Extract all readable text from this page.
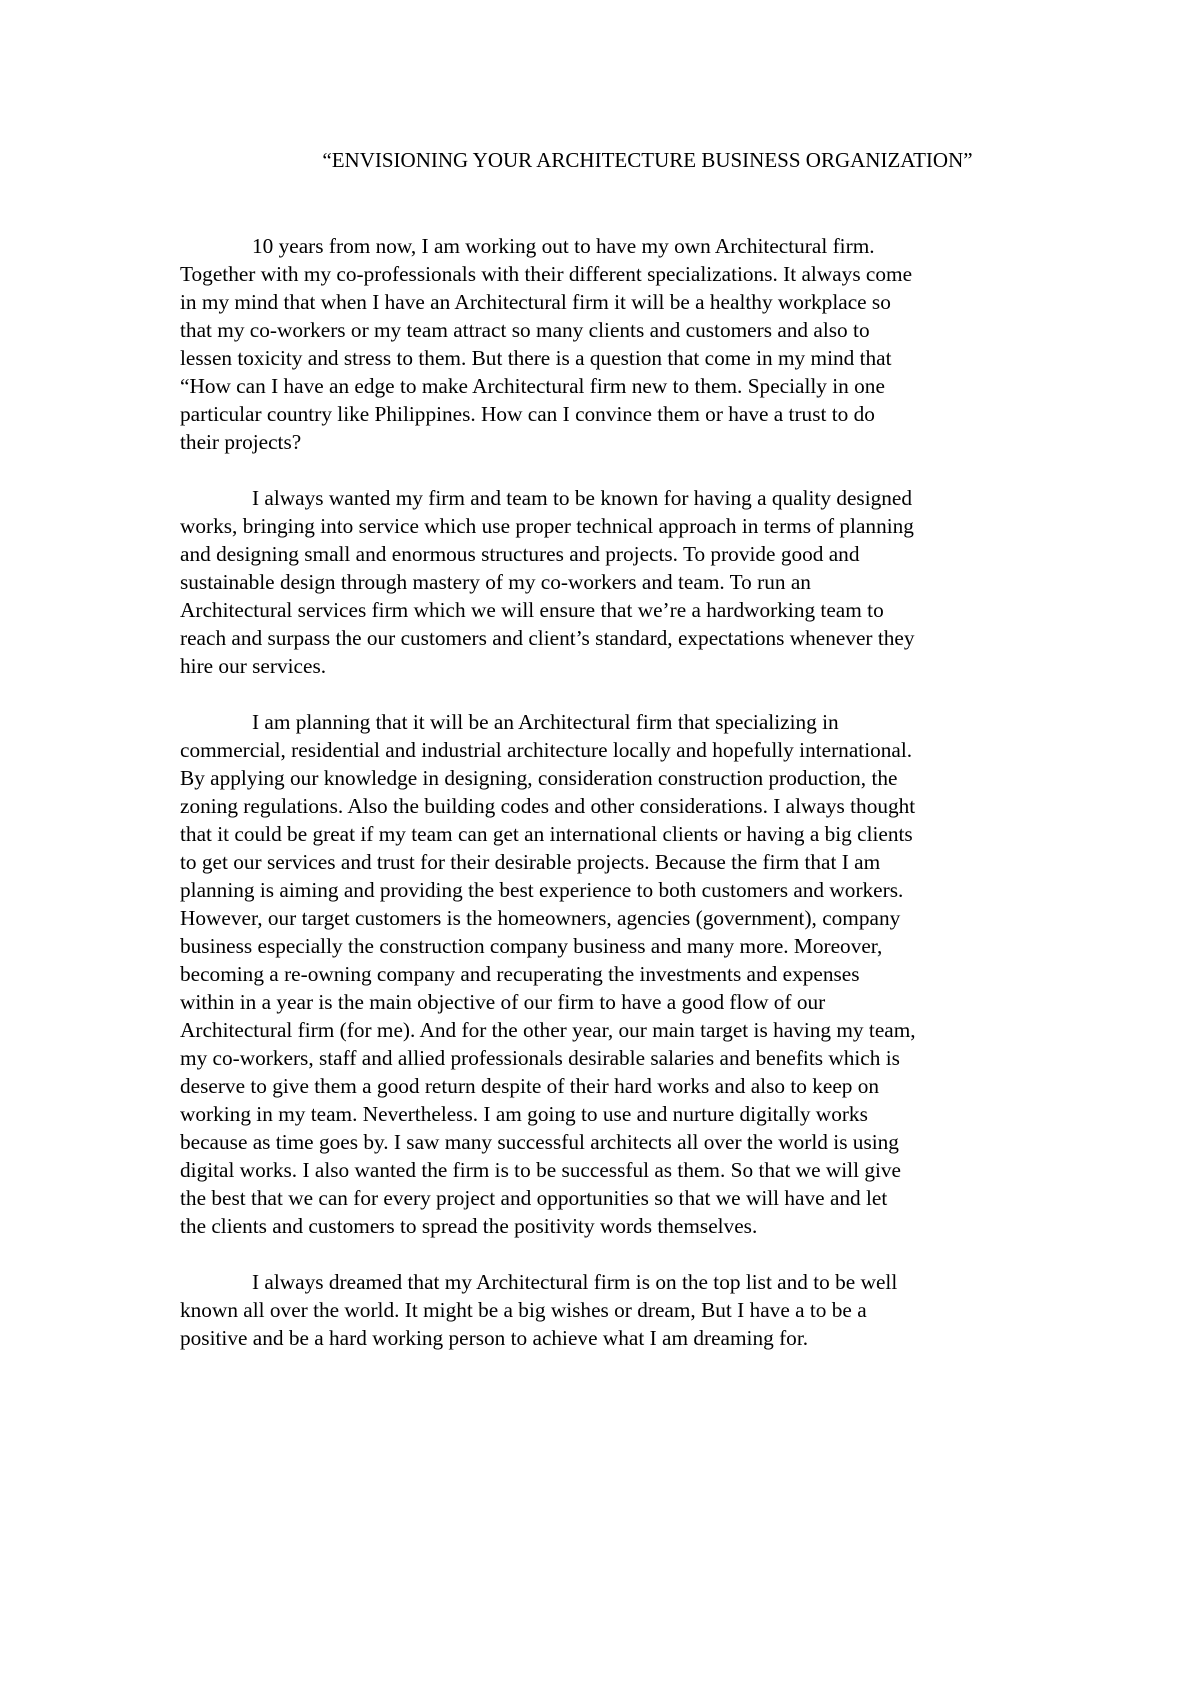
“ENVISIONING YOUR ARCHITECTURE BUSINESS ORGANIZATION”

10 years from now, I am working out to have my own Architectural firm.
Together with my co-professionals with their different specializations. It always come
in my mind that when I have an Architectural firm it will be a healthy workplace so
that my co-workers or my team attract so many clients and customers and also to
lessen toxicity and stress to them. But there is a question that come in my mind that
“How can I have an edge to make Architectural firm new to them. Specially in one
particular country like Philippines. How can I convince them or have a trust to do
their projects?

I always wanted my firm and team to be known for having a quality designed
works, bringing into service which use proper technical approach in terms of planning
and designing small and enormous structures and projects. To provide good and
sustainable design through mastery of my co-workers and team. To run an
Architectural services firm which we will ensure that we’re a hardworking team to
reach and surpass the our customers and client’s standard, expectations whenever they
hire our services.

I am planning that it will be an Architectural firm that specializing in
commercial, residential and industrial architecture locally and hopefully international.
By applying our knowledge in designing, consideration construction production, the
zoning regulations. Also the building codes and other considerations. I always thought
that it could be great if my team can get an international clients or having a big clients
to get our services and trust for their desirable projects. Because the firm that I am
planning is aiming and providing the best experience to both customers and workers.
However, our target customers is the homeowners, agencies (government), company
business especially the construction company business and many more. Moreover,
becoming a re-owning company and recuperating the investments and expenses
within in a year is the main objective of our firm to have a good flow of our
Architectural firm (for me). And for the other year, our main target is having my team,
my co-workers, staff and allied professionals desirable salaries and benefits which is
deserve to give them a good return despite of their hard works and also to keep on
working in my team. Nevertheless. I am going to use and nurture digitally works
because as time goes by. I saw many successful architects all over the world is using
digital works. I also wanted the firm is to be successful as them. So that we will give
the best that we can for every project and opportunities so that we will have and let
the clients and customers to spread the positivity words themselves.

I always dreamed that my Architectural firm is on the top list and to be well
known all over the world. It might be a big wishes or dream, But I have a to be a
positive and be a hard working person to achieve what I am dreaming for.
